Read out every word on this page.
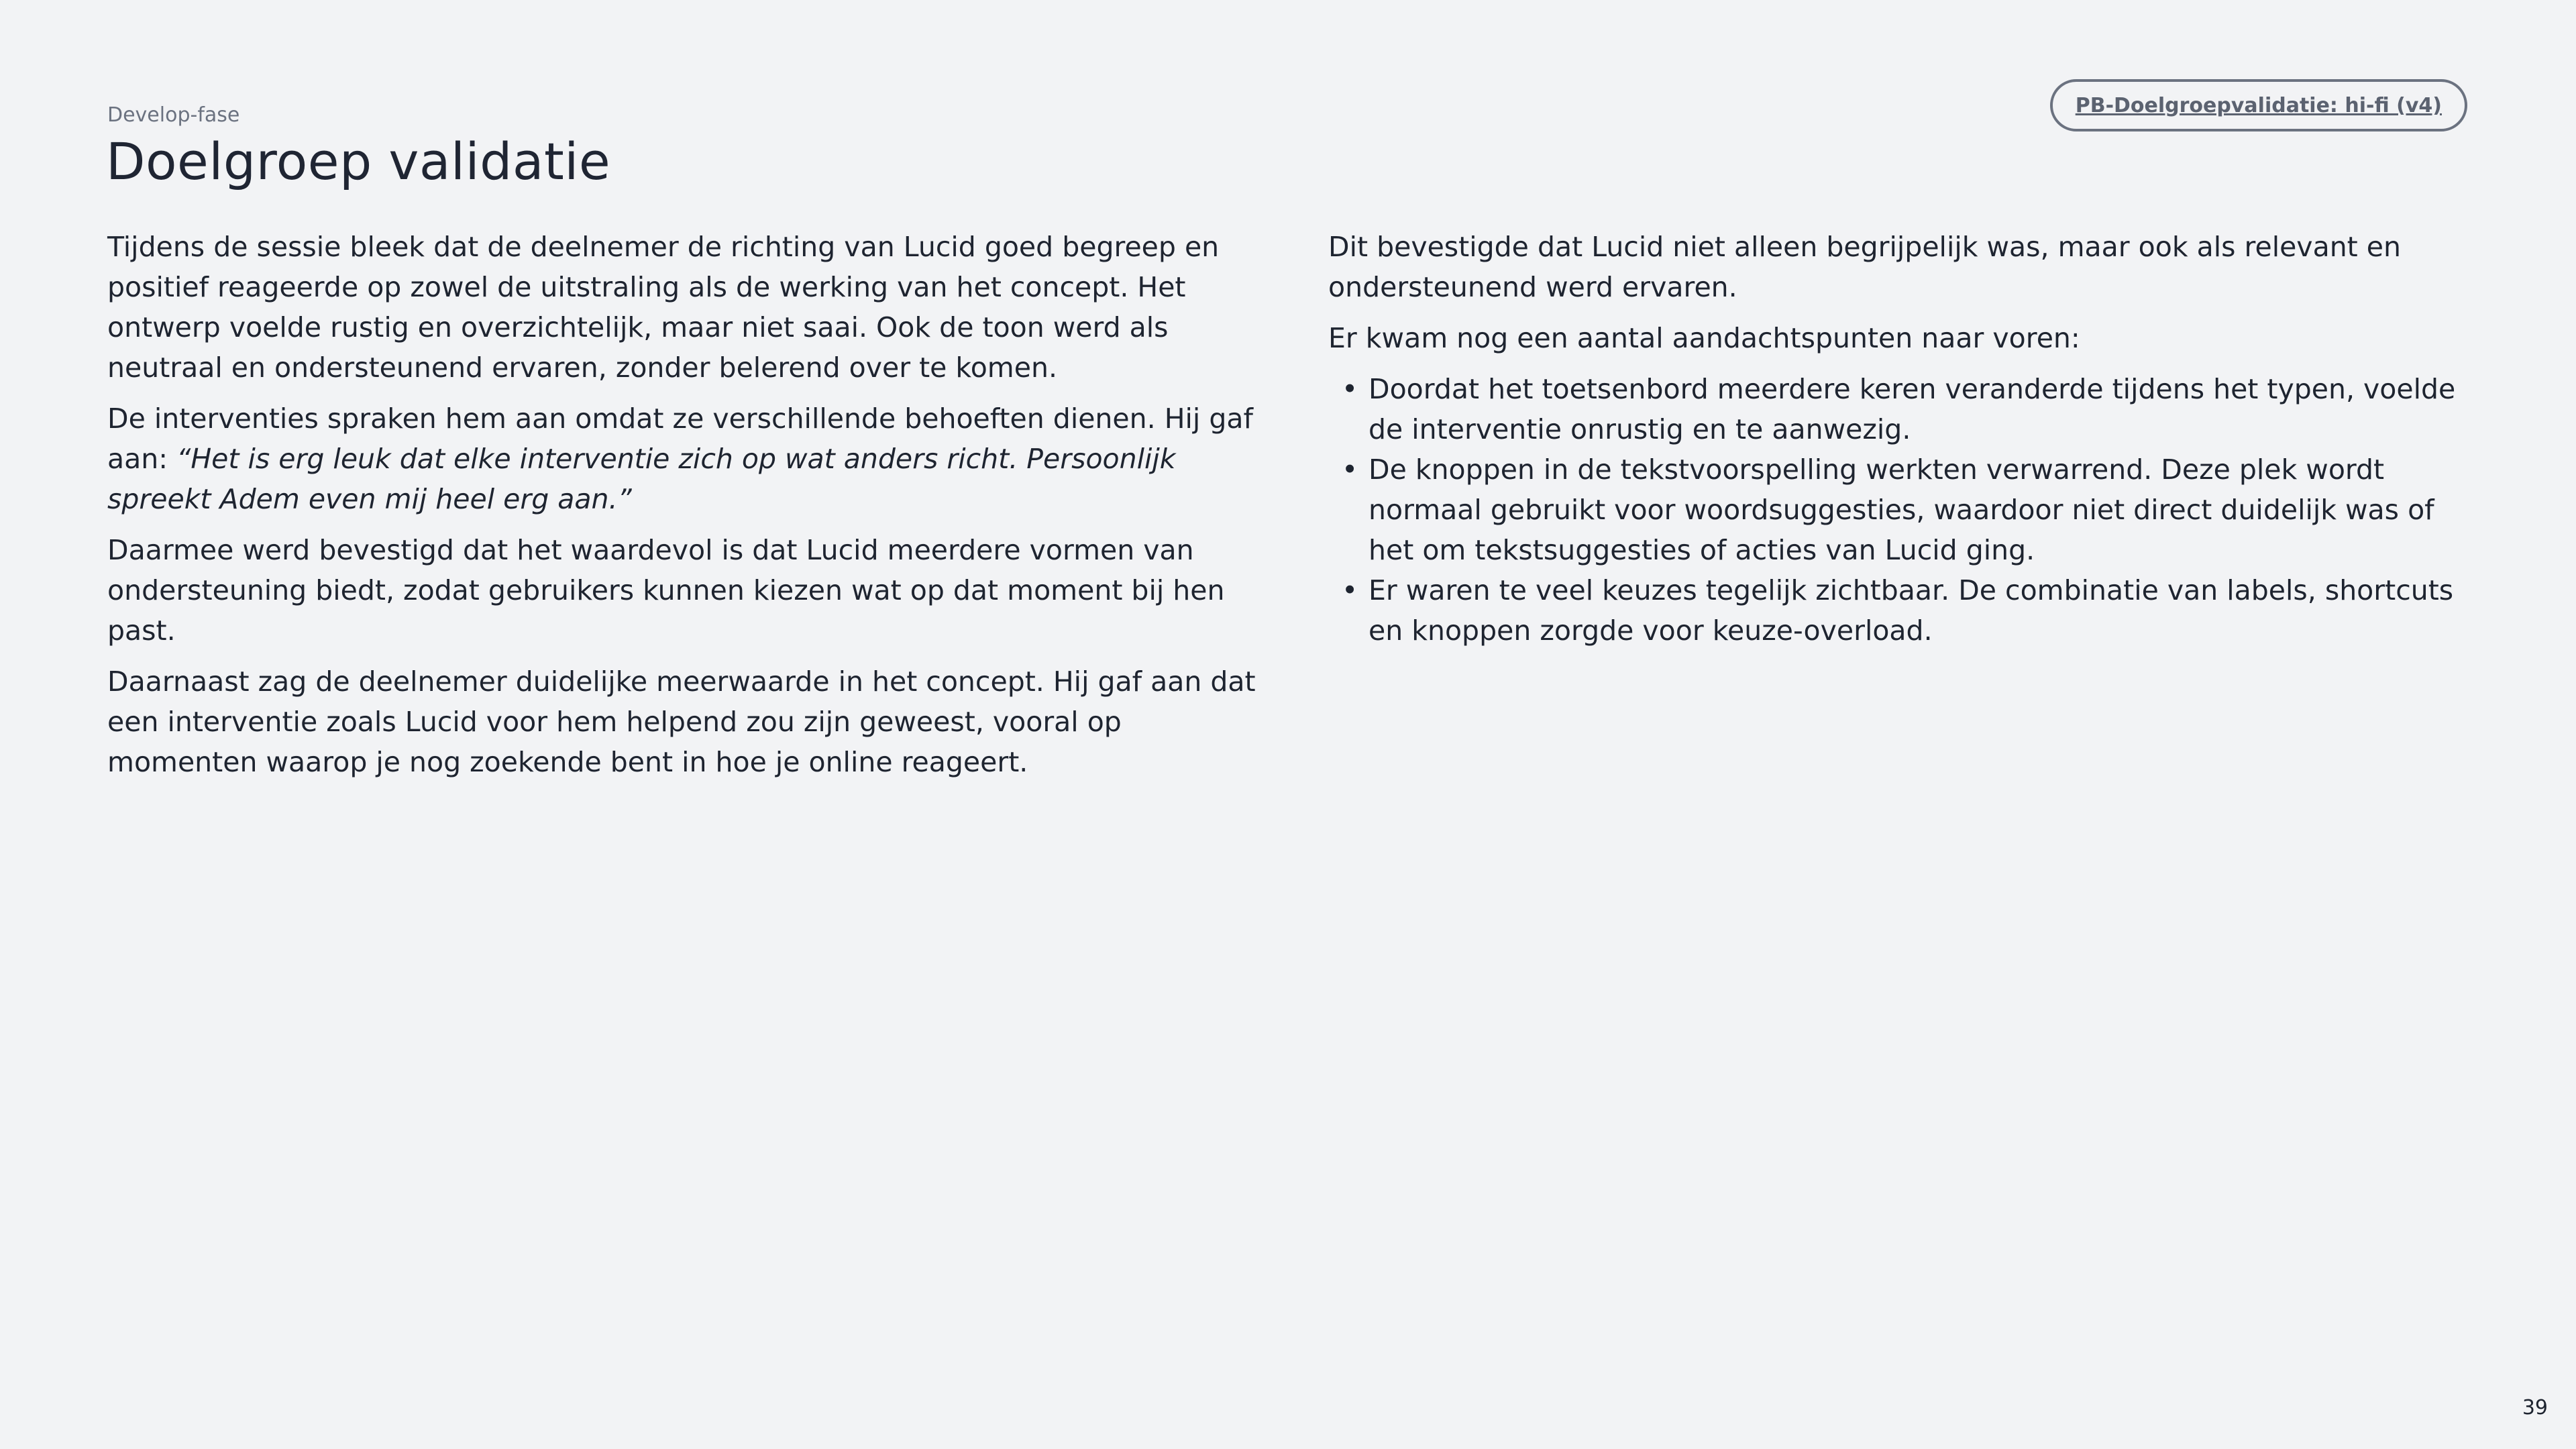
Develop-fase
Doelgroep validatie
PB-Doelgroepvalidatie: hi-fi (v4)

Tijdens de sessie bleek dat de deelnemer de richting van Lucid goed begreep en positief reageerde op zowel de uitstraling als de werking van het concept. Het ontwerp voelde rustig en overzichtelijk, maar niet saai. Ook de toon werd als neutraal en ondersteunend ervaren, zonder belerend over te komen.

De interventies spraken hem aan omdat ze verschillende behoeften dienen. Hij gaf aan: “Het is erg leuk dat elke interventie zich op wat anders richt. Persoonlijk spreekt Adem even mij heel erg aan.”

Daarmee werd bevestigd dat het waardevol is dat Lucid meerdere vormen van ondersteuning biedt, zodat gebruikers kunnen kiezen wat op dat moment bij hen past.

Daarnaast zag de deelnemer duidelijke meerwaarde in het concept. Hij gaf aan dat een interventie zoals Lucid voor hem helpend zou zijn geweest, vooral op momenten waarop je nog zoekende bent in hoe je online reageert.

Dit bevestigde dat Lucid niet alleen begrijpelijk was, maar ook als relevant en ondersteunend werd ervaren.

Er kwam nog een aantal aandachtspunten naar voren:

• Doordat het toetsenbord meerdere keren veranderde tijdens het typen, voelde de interventie onrustig en te aanwezig.
• De knoppen in de tekstvoorspelling werkten verwarrend. Deze plek wordt normaal gebruikt voor woordsuggesties, waardoor niet direct duidelijk was of het om tekstsuggesties of acties van Lucid ging.
• Er waren te veel keuzes tegelijk zichtbaar. De combinatie van labels, shortcuts en knoppen zorgde voor keuze-overload.
39
